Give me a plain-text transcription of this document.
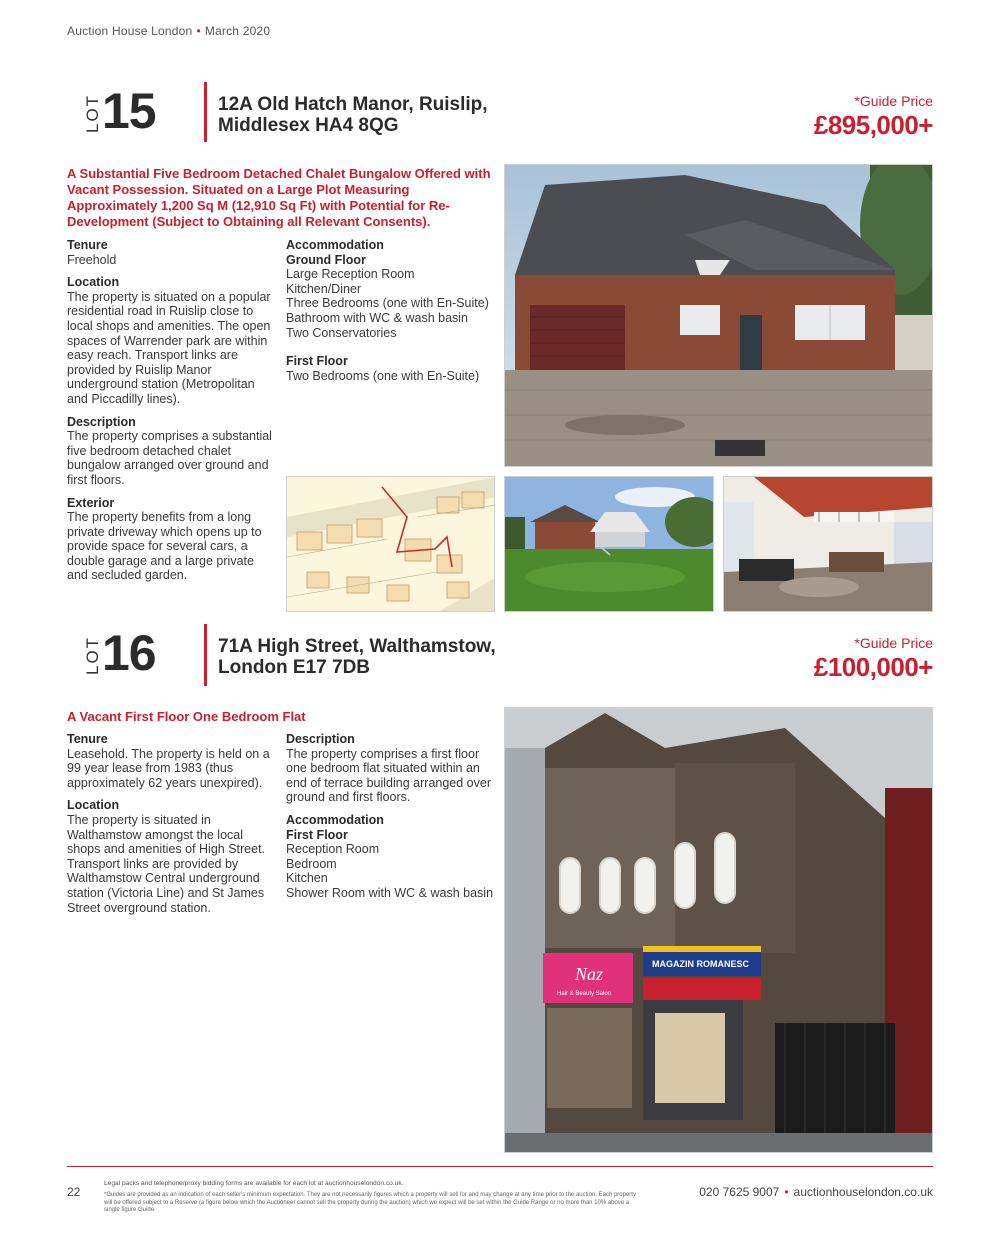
Auction House London • March 2020
LOT 15	12A Old Hatch Manor, Ruislip,
Middlesex HA4 8QG
*Guide Price
£895,000+
A Substantial Five Bedroom Detached Chalet Bungalow Offered with Vacant Possession. Situated on a Large Plot Measuring Approximately 1,200 Sq M (12,910 Sq Ft) with Potential for Re-Development (Subject to Obtaining all Relevant Consents).
Tenure
Freehold
Location
The property is situated on a popular residential road in Ruislip close to local shops and amenities. The open spaces of Warrender park are within easy reach. Transport links are provided by Ruislip Manor underground station (Metropolitan and Piccadilly lines).
Description
The property comprises a substantial five bedroom detached chalet bungalow arranged over ground and first floors.
Exterior
The property benefits from a long private driveway which opens up to provide space for several cars, a double garage and a large private and secluded garden.
Accommodation
Ground Floor
Large Reception Room
Kitchen/Diner
Three Bedrooms (one with En-Suite)
Bathroom with WC & wash basin
Two Conservatories
First Floor
Two Bedrooms (one with En-Suite)
LOT 16	71A High Street, Walthamstow,
London E17 7DB
*Guide Price
£100,000+
A Vacant First Floor One Bedroom Flat
Tenure
Leasehold. The property is held on a 99 year lease from 1983 (thus approximately 62 years unexpired).
Location
The property is situated in Walthamstow amongst the local shops and amenities of High Street. Transport links are provided by Walthamstow Central underground station (Victoria Line) and St James Street overground station.
Description
The property comprises a first floor one bedroom flat situated within an end of terrace building arranged over ground and first floors.
Accommodation
First Floor
Reception Room
Bedroom
Kitchen
Shower Room with WC & wash basin
Naz
Hair & Beauty Salon
MAGAZIN ROMANESC
22
Legal packs and telephone/proxy bidding forms are available for each lot at auctionhouselondon.co.uk.
*Guides are provided as an indication of each seller's minimum expectation. They are not necessarily figures which a property will sell for and may change at any time prior to the auction. Each property will be offered subject to a Reserve (a figure below which the Auctioneer cannot sell the property during the auction) which we expect will be set within the Guide Range or no more than 10% above a single figure Guide.
020 7625 9007 • auctionhouselondon.co.uk
